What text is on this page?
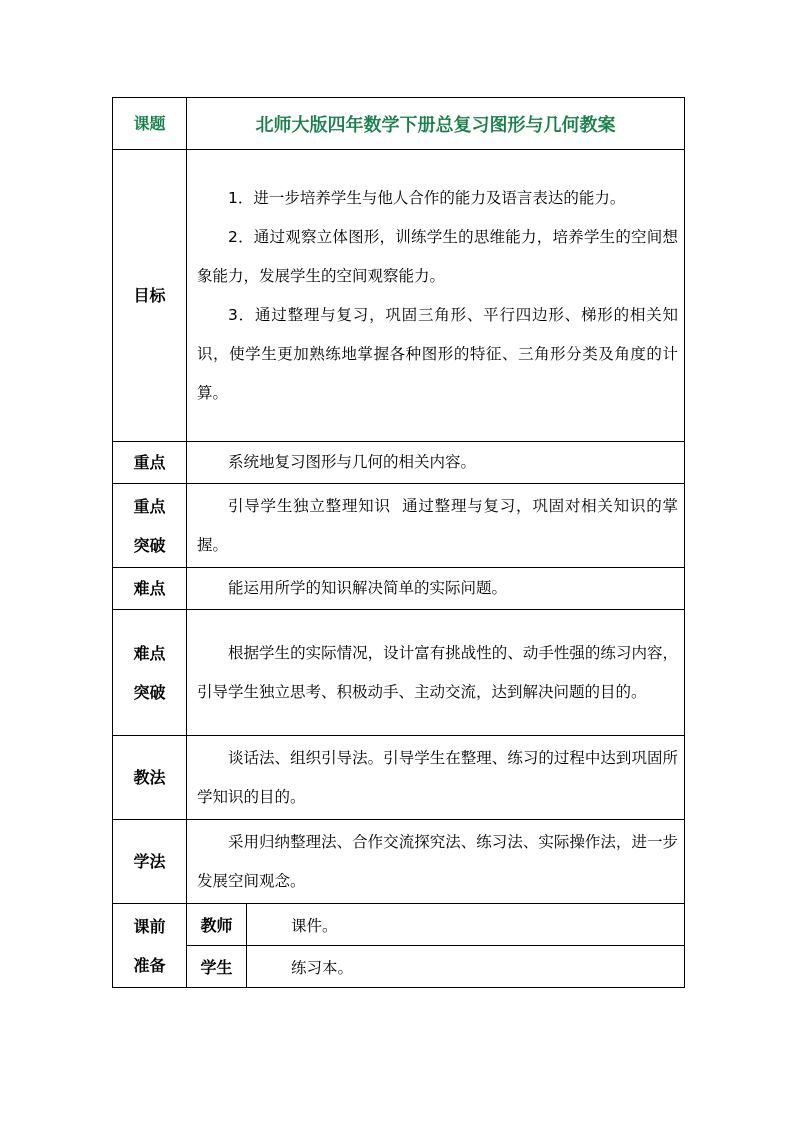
课题	北师大版四年数学下册总复习图形与几何教案	
目标	1．进一步培养学生与他人合作的能力及语言表达的能力。

2．通过观察立体图形，训练学生的思维能力，培养学生的空间想象能力，发展学生的空间观察能力。

3．通过整理与复习，巩固三角形、平行四边形、梯形的相关知识，使学生更加熟练地掌握各种图形的特征、三角形分类及角度的计算。	

重点	系统地复习图形与几何的相关内容。	

重点
突破	引导学生独立整理知识  通过整理与复习，巩固对相关知识的掌握。	

难点	能运用所学的知识解决简单的实际问题。	

难点
突破	根据学生的实际情况，设计富有挑战性的、动手性强的练习内容，引导学生独立思考、积极动手、主动交流，达到解决问题的目的。	

教法	谈话法、组织引导法。引导学生在整理、练习的过程中达到巩固所学知识的目的。	

学法	采用归纳整理法、合作交流探究法、练习法、实际操作法，进一步发展空间观念。	

课前
准备	教师	课件。
	学生	练习本。
